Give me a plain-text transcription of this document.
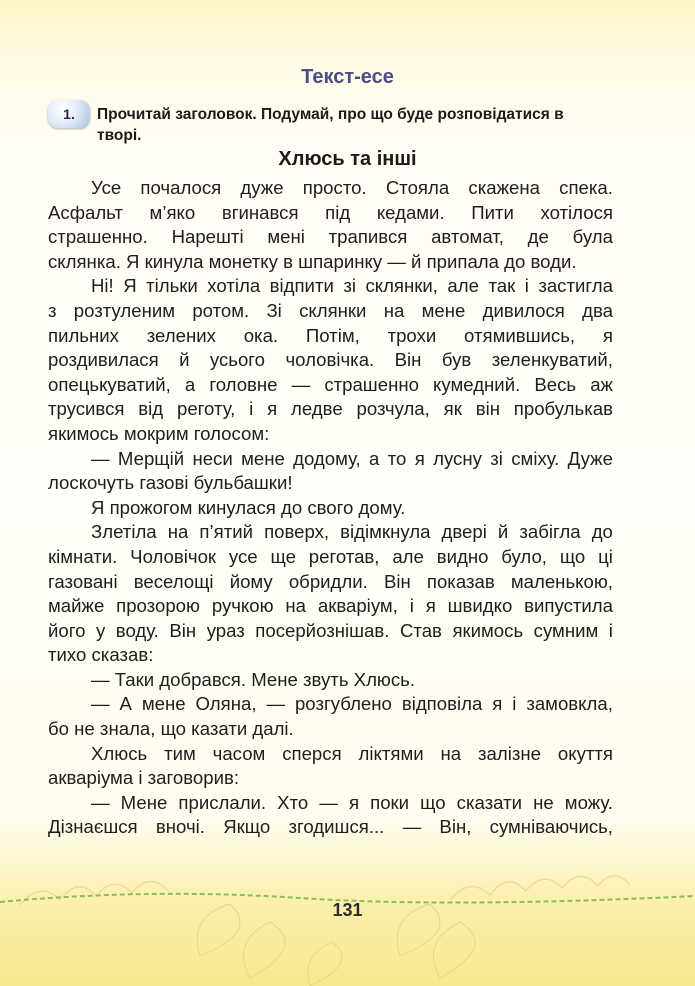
Текст-есе
1. Прочитай заголовок. Подумай, про що буде розповідатися в
творі.
Хлюсь та інші
Усе почалося дуже просто. Стояла скажена спека.
Асфальт м’яко вгинався під кедами. Пити хотілося
страшенно. Нарешті мені трапився автомат, де була
склянка. Я кинула монетку в шпаринку — й припала до води.
Ні! Я тільки хотіла відпити зі склянки, але так і застигла
з розтуленим ротом. Зі склянки на мене дивилося два
пильних зелених ока. Потім, трохи отямившись, я
роздивилася й усього чоловічка. Він був зеленкуватий,
опецькуватий, а головне — страшенно кумедний. Весь аж
трусився від реготу, і я ледве розчула, як він пробулькав
якимось мокрим голосом:
— Мерщій неси мене додому, а то я лусну зі сміху. Дуже
лоскочуть газові бульбашки!
Я прожогом кинулася до свого дому.
Злетіла на п’ятий поверх, відімкнула двері й забігла до
кімнати. Чоловічок усе ще реготав, але видно було, що ці
газовані веселощі йому обридли. Він показав маленькою,
майже прозорою ручкою на акваріум, і я швидко випустила
його у воду. Він ураз посерйознішав. Став якимось сумним і
тихо сказав:
— Таки добрався. Мене звуть Хлюсь.
— А мене Оляна, — розгублено відповіла я і замовкла,
бо не знала, що казати далі.
Хлюсь тим часом сперся ліктями на залізне окуття
акваріума і заговорив:
— Мене прислали. Хто — я поки що сказати не можу.
Дізнаєшся вночі. Якщо згодишся... — Він, сумніваючись,
131
